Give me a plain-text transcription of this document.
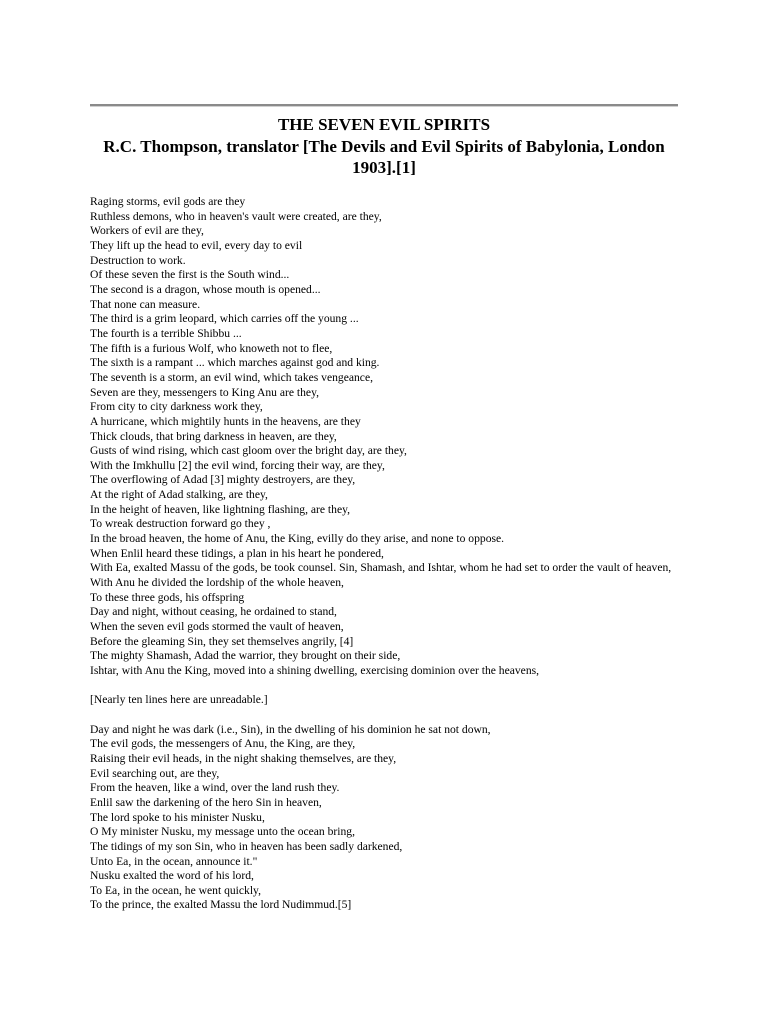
THE SEVEN EVIL SPIRITS
R.C. Thompson, translator [The Devils and Evil Spirits of Babylonia, London 1903].[1]
Raging storms, evil gods are they
Ruthless demons, who in heaven's vault were created, are they,
Workers of evil are they,
They lift up the head to evil, every day to evil
Destruction to work.
Of these seven the first is the South wind...
The second is a dragon, whose mouth is opened...
That none can measure.
The third is a grim leopard, which carries off the young ...
The fourth is a terrible Shibbu ...
The fifth is a furious Wolf, who knoweth not to flee,
The sixth is a rampant ... which marches against god and king.
The seventh is a storm, an evil wind, which takes vengeance,
Seven are they, messengers to King Anu are they,
From city to city darkness work they,
A hurricane, which mightily hunts in the heavens, are they
Thick clouds, that bring darkness in heaven, are they,
Gusts of wind rising, which cast gloom over the bright day, are they,
With the Imkhullu [2] the evil wind, forcing their way, are they,
The overflowing of Adad [3] mighty destroyers, are they,
At the right of Adad stalking, are they,
In the height of heaven, like lightning flashing, are they,
To wreak destruction forward go they ,
In the broad heaven, the home of Anu, the King, evilly do they arise, and none to oppose.
When Enlil heard these tidings, a plan in his heart he pondered,
With Ea, exalted Massu of the gods, be took counsel. Sin, Shamash, and Ishtar, whom he had set to order the vault of heaven,
With Anu he divided the lordship of the whole heaven,
To these three gods, his offspring
Day and night, without ceasing, he ordained to stand,
When the seven evil gods stormed the vault of heaven,
Before the gleaming Sin, they set themselves angrily, [4]
The mighty Shamash, Adad the warrior, they brought on their side,
Ishtar, with Anu the King, moved into a shining dwelling, exercising dominion over the heavens,
[Nearly ten lines here are unreadable.]
Day and night he was dark (i.e., Sin), in the dwelling of his dominion he sat not down,
The evil gods, the messengers of Anu, the King, are they,
Raising their evil heads, in the night shaking themselves, are they,
Evil searching out, are they,
From the heaven, like a wind, over the land rush they.
Enlil saw the darkening of the hero Sin in heaven,
The lord spoke to his minister Nusku,
O My minister Nusku, my message unto the ocean bring,
The tidings of my son Sin, who in heaven has been sadly darkened,
Unto Ea, in the ocean, announce it."
Nusku exalted the word of his lord,
To Ea, in the ocean, he went quickly,
To the prince, the exalted Massu the lord Nudimmud.[5]
